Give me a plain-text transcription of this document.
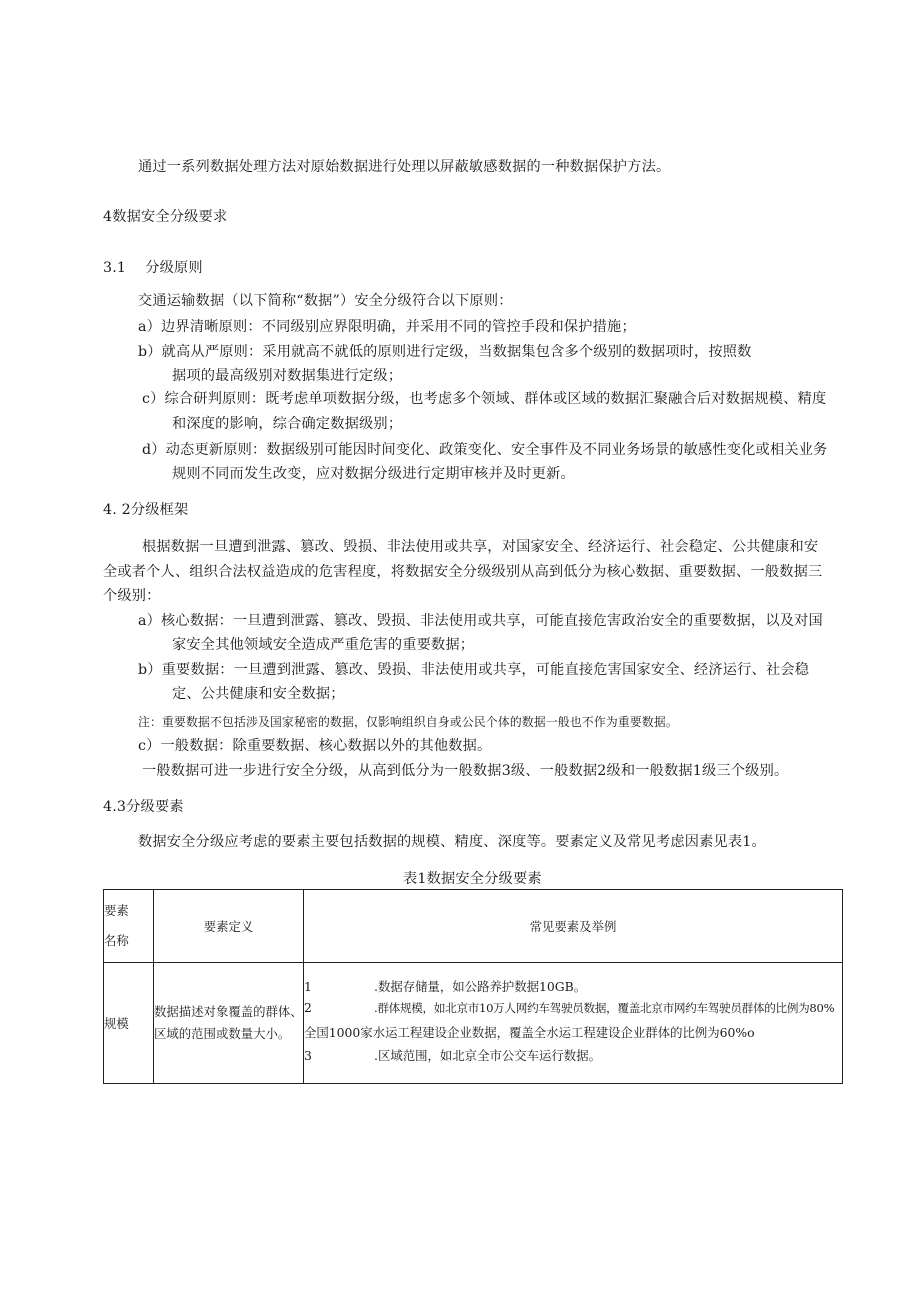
通过一系列数据处理方法对原始数据进行处理以屏蔽敏感数据的一种数据保护方法。
4数据安全分级要求
3.1　 分级原则
交通运输数据（以下简称“数据”）安全分级符合以下原则：
a）边界清晰原则：不同级别应界限明确，并采用不同的管控手段和保护措施；
b）就高从严原则：采用就高不就低的原则进行定级，当数据集包含多个级别的数据项时，按照数
据项的最高级别对数据集进行定级；
c）综合研判原则：既考虑单项数据分级，也考虑多个领域、群体或区域的数据汇聚融合后对数据规模、精度
和深度的影响，综合确定数据级别；
d）动态更新原则：数据级别可能因时间变化、政策变化、安全事件及不同业务场景的敏感性变化或相关业务
规则不同而发生改变，应对数据分级进行定期审核并及时更新。
4. 2分级框架
根据数据一旦遭到泄露、篡改、毁损、非法使用或共享，对国家安全、经济运行、社会稳定、公共健康和安
全或者个人、组织合法权益造成的危害程度，将数据安全分级级别从高到低分为核心数据、重要数据、一般数据三
个级别：
a）核心数据：一旦遭到泄露、篡改、毁损、非法使用或共享，可能直接危害政治安全的重要数据，以及对国
家安全其他领域安全造成严重危害的重要数据；
b）重要数据：一旦遭到泄露、篡改、毁损、非法使用或共享，可能直接危害国家安全、经济运行、社会稳
定、公共健康和安全数据；
注：重要数据不包括涉及国家秘密的数据，仅影响组织自身或公民个体的数据一般也不作为重要数据。
c）一般数据：除重要数据、核心数据以外的其他数据。
一般数据可进一步进行安全分级，从高到低分为一般数据3级、一般数据2级和一般数据1级三个级别。
4.3分级要素
数据安全分级应考虑的要素主要包括数据的规模、精度、深度等。要素定义及常见考虑因素见表1。
表1数据安全分级要素
要素
名称	要素定义	常见要素及举例
规模	数据描述对象覆盖的群体、区域的范围或数量大小。	1 .数据存储量，如公路养护数据10GB。
2 .群体规模，如北京市10万人网约车驾驶员数据，覆盖北京市网约车驾驶员群体的比例为80%
全国1000家水运工程建设企业数据，覆盖全水运工程建设企业群体的比例为60%o
3 .区域范围，如北京全市公交车运行数据。
